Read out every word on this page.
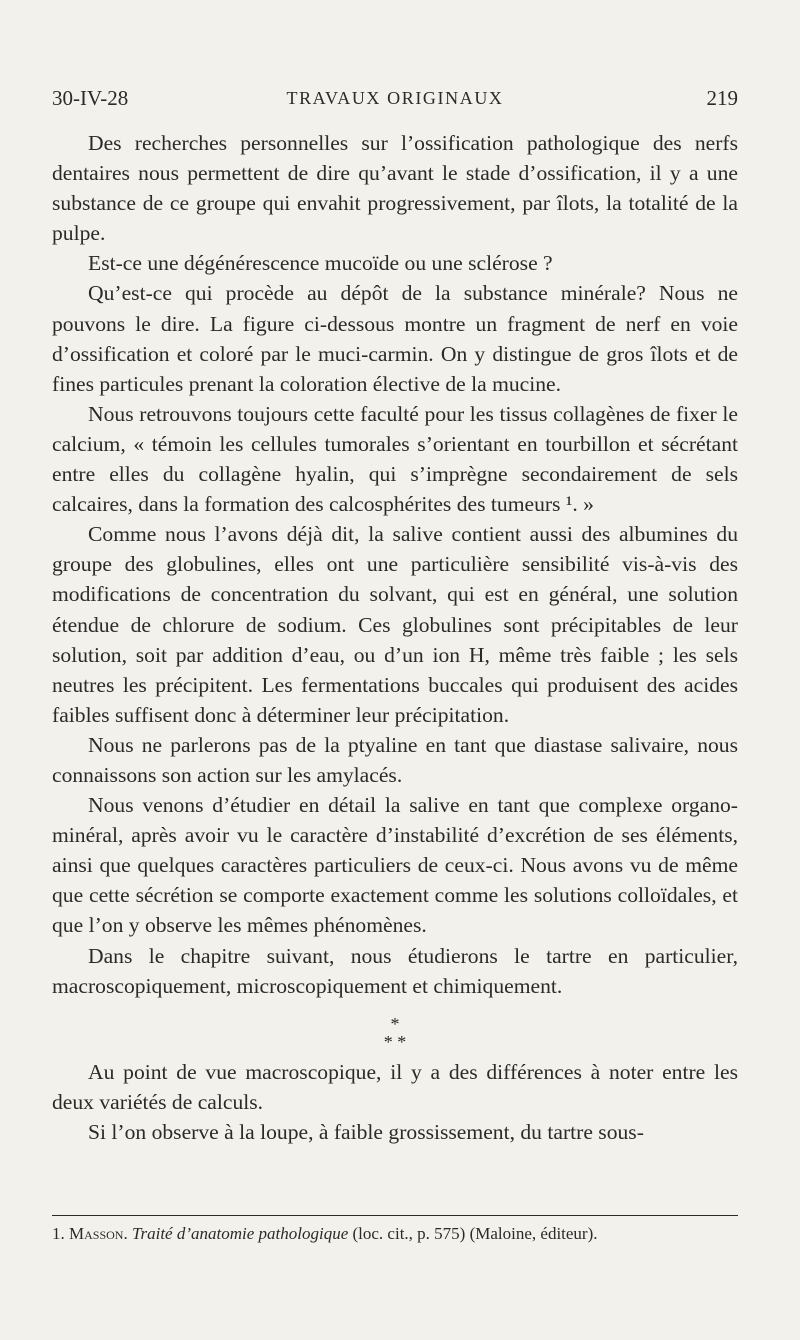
30-IV-28	TRAVAUX ORIGINAUX	219

Des recherches personnelles sur l’ossification pathologique des nerfs dentaires nous permettent de dire qu’avant le stade d’ossification, il y a une substance de ce groupe qui envahit progressivement, par îlots, la totalité de la pulpe.

Est-ce une dégénérescence mucoïde ou une sclérose ?

Qu’est-ce qui procède au dépôt de la substance minérale? Nous ne pouvons le dire. La figure ci-dessous montre un fragment de nerf en voie d’ossification et coloré par le muci-carmin. On y distingue de gros îlots et de fines particules prenant la coloration élective de la mucine.

Nous retrouvons toujours cette faculté pour les tissus collagènes de fixer le calcium, « témoin les cellules tumorales s’orientant en tourbillon et sécrétant entre elles du collagène hyalin, qui s’imprègne secondairement de sels calcaires, dans la formation des calcosphérites des tumeurs ¹. »

Comme nous l’avons déjà dit, la salive contient aussi des albumines du groupe des globulines, elles ont une particulière sensibilité vis-à-vis des modifications de concentration du solvant, qui est en général, une solution étendue de chlorure de sodium. Ces globulines sont précipitables de leur solution, soit par addition d’eau, ou d’un ion H, même très faible ; les sels neutres les précipitent. Les fermentations buccales qui produisent des acides faibles suffisent donc à déterminer leur précipitation.

Nous ne parlerons pas de la ptyaline en tant que diastase salivaire, nous connaissons son action sur les amylacés.

Nous venons d’étudier en détail la salive en tant que complexe organo-minéral, après avoir vu le caractère d’instabilité d’excrétion de ses éléments, ainsi que quelques caractères particuliers de ceux-ci. Nous avons vu de même que cette sécrétion se comporte exactement comme les solutions colloïdales, et que l’on y observe les mêmes phénomènes.

Dans le chapitre suivant, nous étudierons le tartre en particulier, macroscopiquement, microscopiquement et chimiquement.

*
* *

Au point de vue macroscopique, il y a des différences à noter entre les deux variétés de calculs.

Si l’on observe à la loupe, à faible grossissement, du tartre sous-

1. Masson. Traité d’anatomie pathologique (loc. cit., p. 575) (Maloine, éditeur).
